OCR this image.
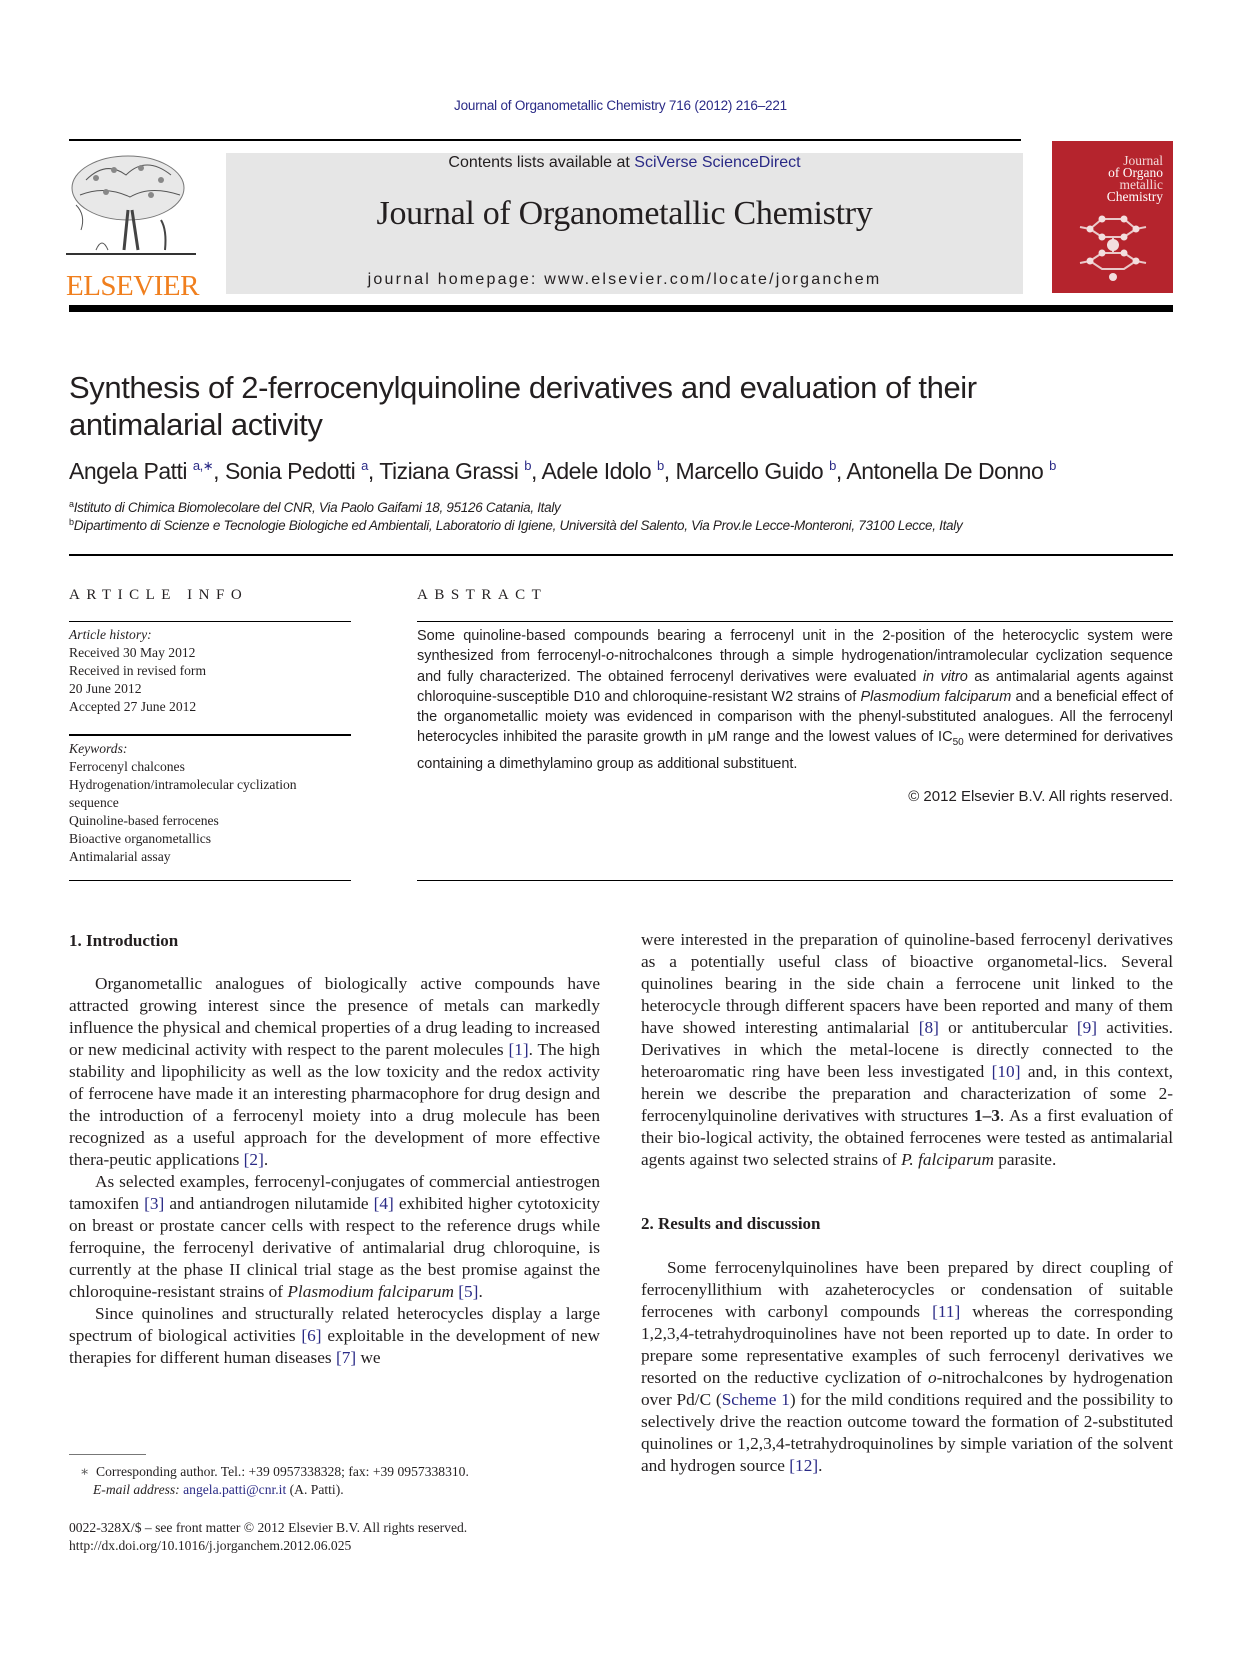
Journal of Organometallic Chemistry 716 (2012) 216–221
ELSEVIER
Contents lists available at SciVerse ScienceDirect
Journal of Organometallic Chemistry
journal homepage: www.elsevier.com/locate/jorganchem
Journal
of Organo
metallic
Chemistry
Synthesis of 2-ferrocenylquinoline derivatives and evaluation of their antimalarial activity
Angela Patti $^{a,∗}$, Sonia Pedotti $^a$, Tiziana Grassi $^b$, Adele Idolo $^b$, Marcello Guido $^b$, Antonella De Donno $^b$
$^a$Istituto di Chimica Biomolecolare del CNR, Via Paolo Gaifami 18, 95126 Catania, Italy
$^b$Dipartimento di Scienze e Tecnologie Biologiche ed Ambientali, Laboratorio di Igiene, Università del Salento, Via Prov.le Lecce-Monteroni, 73100 Lecce, Italy
ARTICLE INFO
Article history:
Received 30 May 2012
Received in revised form
20 June 2012
Accepted 27 June 2012
Keywords:
Ferrocenyl chalcones
Hydrogenation/intramolecular cyclization
sequence
Quinoline-based ferrocenes
Bioactive organometallics
Antimalarial assay
ABSTRACT
Some quinoline-based compounds bearing a ferrocenyl unit in the 2-position of the heterocyclic system were synthesized from ferrocenyl-o-nitrochalcones through a simple hydrogenation/intramolecular cyclization sequence and fully characterized. The obtained ferrocenyl derivatives were evaluated in vitro as antimalarial agents against chloroquine-susceptible D10 and chloroquine-resistant W2 strains of Plasmodium falciparum and a beneficial effect of the organometallic moiety was evidenced in comparison with the phenyl-substituted analogues. All the ferrocenyl heterocycles inhibited the parasite growth in μM range and the lowest values of $IC_{50}$ were determined for derivatives containing a dimethylamino group as additional substituent.
© 2012 Elsevier B.V. All rights reserved.
1. Introduction

Organometallic analogues of biologically active compounds have attracted growing interest since the presence of metals can markedly influence the physical and chemical properties of a drug leading to increased or new medicinal activity with respect to the parent molecules [1]. The high stability and lipophilicity as well as the low toxicity and the redox activity of ferrocene have made it an interesting pharmacophore for drug design and the introduction of a ferrocenyl moiety into a drug molecule has been recognized as a useful approach for the development of more effective thera-peutic applications [2].

As selected examples, ferrocenyl-conjugates of commercial antiestrogen tamoxifen [3] and antiandrogen nilutamide [4] exhibited higher cytotoxicity on breast or prostate cancer cells with respect to the reference drugs while ferroquine, the ferrocenyl derivative of antimalarial drug chloroquine, is currently at the phase II clinical trial stage as the best promise against the chloroquine-resistant strains of Plasmodium falciparum [5].

Since quinolines and structurally related heterocycles display a large spectrum of biological activities [6] exploitable in the development of new therapies for different human diseases [7] we

∗ Corresponding author. Tel.: +39 0957338328; fax: +39 0957338310.
E-mail address: angela.patti@cnr.it (A. Patti).
0022-328X/$ – see front matter © 2012 Elsevier B.V. All rights reserved.
http://dx.doi.org/10.1016/j.jorganchem.2012.06.025

were interested in the preparation of quinoline-based ferrocenyl derivatives as a potentially useful class of bioactive organometal-lics. Several quinolines bearing in the side chain a ferrocene unit linked to the heterocycle through different spacers have been reported and many of them have showed interesting antimalarial [8] or antitubercular [9] activities. Derivatives in which the metal-locene is directly connected to the heteroaromatic ring have been less investigated [10] and, in this context, herein we describe the preparation and characterization of some 2-ferrocenylquinoline derivatives with structures 1–3. As a first evaluation of their bio-logical activity, the obtained ferrocenes were tested as antimalarial agents against two selected strains of P. falciparum parasite.

2. Results and discussion

Some ferrocenylquinolines have been prepared by direct coupling of ferrocenyllithium with azaheterocycles or condensation of suitable ferrocenes with carbonyl compounds [11] whereas the corresponding 1,2,3,4-tetrahydroquinolines have not been reported up to date. In order to prepare some representative examples of such ferrocenyl derivatives we resorted on the reductive cyclization of o-nitrochalcones by hydrogenation over Pd/C (Scheme 1) for the mild conditions required and the possibility to selectively drive the reaction outcome toward the formation of 2-substituted quinolines or 1,2,3,4-tetrahydroquinolines by simple variation of the solvent and hydrogen source [12].
